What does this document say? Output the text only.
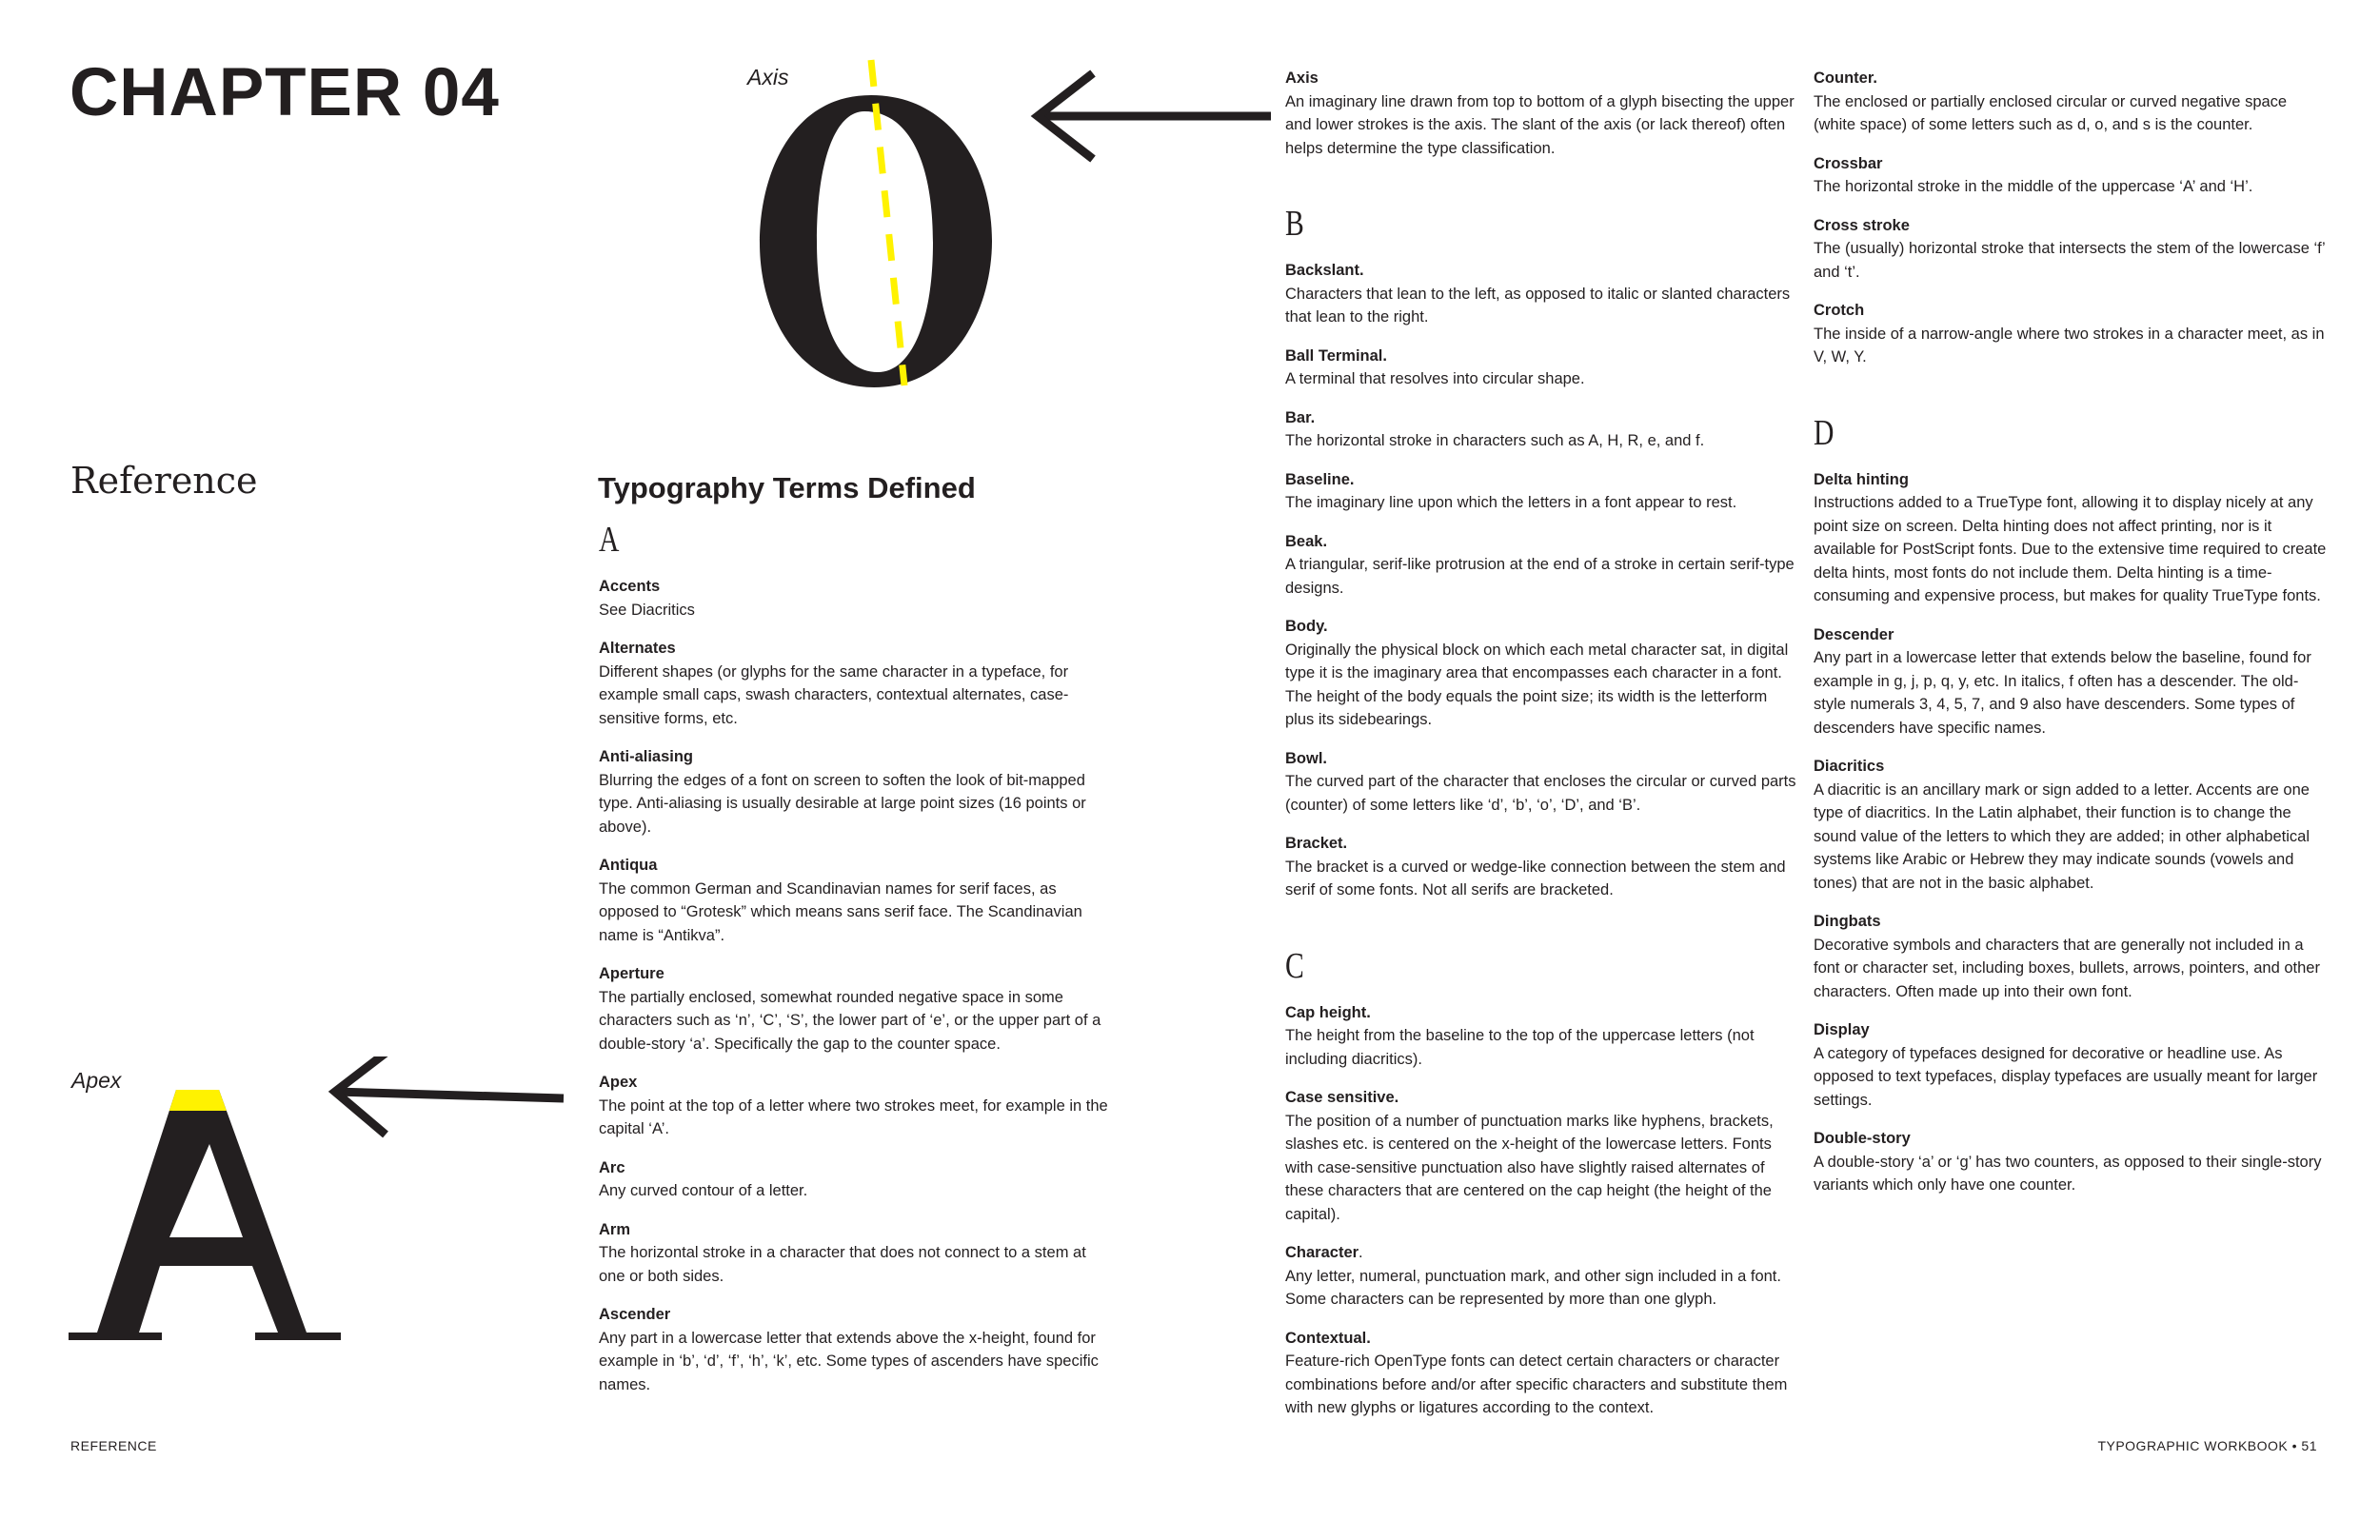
CHAPTER 04
Reference
Axis
Apex
Typography Terms Defined
A
Accents
See Diacritics
Alternates
Different shapes (or glyphs for the same character in a typeface, for example small caps, swash characters, contextual alternates, case-sensitive forms, etc.
Anti-aliasing
Blurring the edges of a font on screen to soften the look of bit-mapped type. Anti-aliasing is usually desirable at large point sizes (16 points or above).
Antiqua
The common German and Scandinavian names for serif faces, as opposed to “Grotesk” which means sans serif face. The Scandinavian name is “Antikva”.
Aperture
The partially enclosed, somewhat rounded negative space in some characters such as ‘n’, ‘C’, ‘S’, the lower part of ‘e’, or the upper part of a double-story ‘a’. Specifically the gap to the counter space.
Apex
The point at the top of a letter where two strokes meet, for example in the capital ‘A’.
Arc
Any curved contour of a letter.
Arm
The horizontal stroke in a character that does not connect to a stem at one or both sides.
Ascender
Any part in a lowercase letter that extends above the x-height, found for example in ‘b’, ‘d’, ‘f’, ‘h’, ‘k’, etc. Some types of ascenders have specific names.
Axis
An imaginary line drawn from top to bottom of a glyph bisecting the upper and lower strokes is the axis. The slant of the axis (or lack thereof) often helps determine the type classification.
B
Backslant.
Characters that lean to the left, as opposed to italic or slanted characters that lean to the right.
Ball Terminal.
A terminal that resolves into circular shape.
Bar.
The horizontal stroke in characters such as A, H, R, e, and f.
Baseline.
The imaginary line upon which the letters in a font appear to rest.
Beak.
A triangular, serif-like protrusion at the end of a stroke in certain serif-type designs.
Body.
Originally the physical block on which each metal character sat, in digital type it is the imaginary area that encompasses each character in a font. The height of the body equals the point size; its width is the letterform plus its sidebearings.
Bowl.
The curved part of the character that encloses the circular or curved parts (counter) of some letters like ‘d’, ‘b’, ‘o’, ‘D’, and ‘B’.
Bracket.
The bracket is a curved or wedge-like connection between the stem and serif of some fonts. Not all serifs are bracketed.
C
Cap height.
The height from the baseline to the top of the uppercase letters (not including diacritics).
Case sensitive.
The position of a number of punctuation marks like hyphens, brackets, slashes etc. is centered on the x-height of the lowercase letters. Fonts with case-sensitive punctuation also have slightly raised alternates of these characters that are centered on the cap height (the height of the capital).
Character.
Any letter, numeral, punctuation mark, and other sign included in a font. Some characters can be represented by more than one glyph.
Contextual.
Feature-rich OpenType fonts can detect certain characters or character combinations before and/or after specific characters and substitute them with new glyphs or ligatures according to the context.
Counter.
The enclosed or partially enclosed circular or curved negative space (white space) of some letters such as d, o, and s is the counter.
Crossbar
The horizontal stroke in the middle of the uppercase ‘A’ and ‘H’.
Cross stroke
The (usually) horizontal stroke that intersects the stem of the lowercase ‘f’ and ‘t’.
Crotch
The inside of a narrow-angle where two strokes in a character meet, as in V, W, Y.
D
Delta hinting
Instructions added to a TrueType font, allowing it to display nicely at any point size on screen. Delta hinting does not affect printing, nor is it available for PostScript fonts. Due to the extensive time required to create delta hints, most fonts do not include them. Delta hinting is a time-consuming and expensive process, but makes for quality TrueType fonts.
Descender
Any part in a lowercase letter that extends below the baseline, found for example in g, j, p, q, y, etc. In italics, f often has a descender. The old-style numerals 3, 4, 5, 7, and 9 also have descenders. Some types of descenders have specific names.
Diacritics
A diacritic is an ancillary mark or sign added to a letter. Accents are one type of diacritics. In the Latin alphabet, their function is to change the sound value of the letters to which they are added; in other alphabetical systems like Arabic or Hebrew they may indicate sounds (vowels and tones) that are not in the basic alphabet.
Dingbats
Decorative symbols and characters that are generally not included in a font or character set, including boxes, bullets, arrows, pointers, and other characters. Often made up into their own font.
Display
A category of typefaces designed for decorative or headline use. As opposed to text typefaces, display typefaces are usually meant for larger settings.
Double-story
A double-story ‘a’ or ‘g’ has two counters, as opposed to their single-story variants which only have one counter.
REFERENCE	TYPOGRAPHIC WORKBOOK • 51
